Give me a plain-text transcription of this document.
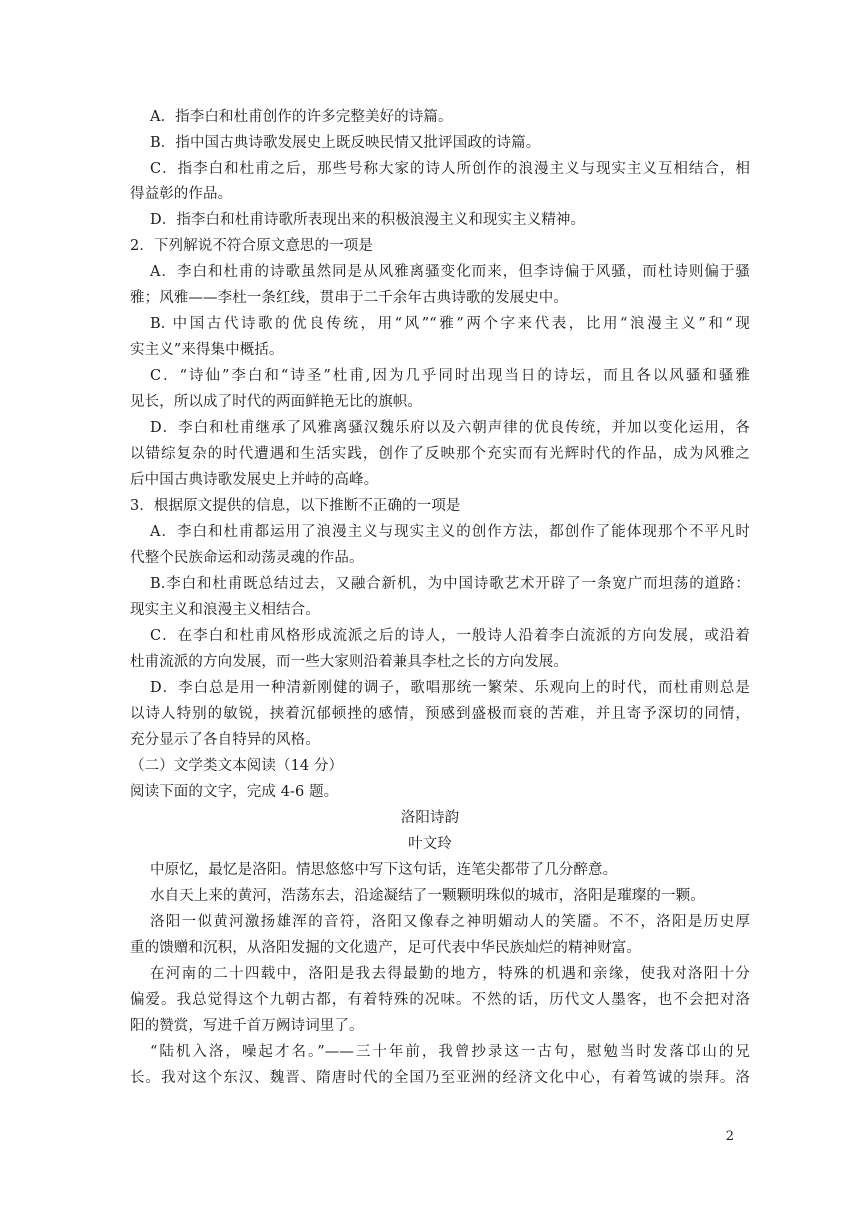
A．指李白和杜甫创作的许多完整美好的诗篇。
B．指中国古典诗歌发展史上既反映民情又批评国政的诗篇。
C．指李白和杜甫之后，那些号称大家的诗人所创作的浪漫主义与现实主义互相结合，相
得益彰的作品。
D．指李白和杜甫诗歌所表现出来的积极浪漫主义和现实主义精神。
2．下列解说不符合原文意思的一项是
A．李白和杜甫的诗歌虽然同是从风雅离骚变化而来，但李诗偏于风骚，而杜诗则偏于骚
雅；风雅——李杜一条红线，贯串于二千余年古典诗歌的发展史中。
B. 中国古代诗歌的优良传统，用“风”“雅”两个字来代表，比用“浪漫主义”和“现
实主义”来得集中概括。
C．“诗仙”李白和“诗圣”杜甫,因为几乎同时出现当日的诗坛，而且各以风骚和骚雅
见长，所以成了时代的两面鲜艳无比的旗帜。
D．李白和杜甫继承了风雅离骚汉魏乐府以及六朝声律的优良传统，并加以变化运用，各
以错综复杂的时代遭遇和生活实践，创作了反映那个充实而有光辉时代的作品，成为风雅之
后中国古典诗歌发展史上并峙的高峰。
3．根据原文提供的信息，以下推断不正确的一项是
A．李白和杜甫都运用了浪漫主义与现实主义的创作方法，都创作了能体现那个不平凡时
代整个民族命运和动荡灵魂的作品。
B.李白和杜甫既总结过去，又融合新机，为中国诗歌艺术开辟了一条宽广而坦荡的道路：
现实主义和浪漫主义相结合。
C．在李白和杜甫风格形成流派之后的诗人，一般诗人沿着李白流派的方向发展，或沿着
杜甫流派的方向发展，而一些大家则沿着兼具李杜之长的方向发展。
D．李白总是用一种清新刚健的调子，歌唱那统一繁荣、乐观向上的时代，而杜甫则总是
以诗人特别的敏锐，挟着沉郁顿挫的感情，预感到盛极而衰的苦难，并且寄予深切的同情，
充分显示了各自特异的风格。
（二）文学类文本阅读（14 分）
阅读下面的文字，完成 4-6 题。
洛阳诗韵
叶文玲
中原忆，最忆是洛阳。情思悠悠中写下这句话，连笔尖都带了几分醉意。
水自天上来的黄河，浩荡东去，沿途凝结了一颗颗明珠似的城市，洛阳是璀璨的一颗。
洛阳一似黄河激扬雄浑的音符，洛阳又像春之神明媚动人的笑靥。不不，洛阳是历史厚
重的馈赠和沉积，从洛阳发掘的文化遗产，足可代表中华民族灿烂的精神财富。
在河南的二十四载中，洛阳是我去得最勤的地方，特殊的机遇和亲缘，使我对洛阳十分
偏爱。我总觉得这个九朝古都，有着特殊的况味。不然的话，历代文人墨客，也不会把对洛
阳的赞赏，写进千首万阙诗词里了。
“陆机入洛，噪起才名。”——三十年前，我曾抄录这一古句，慰勉当时发落邙山的兄
长。我对这个东汉、魏晋、隋唐时代的全国乃至亚洲的经济文化中心，有着笃诚的崇拜。洛
2
